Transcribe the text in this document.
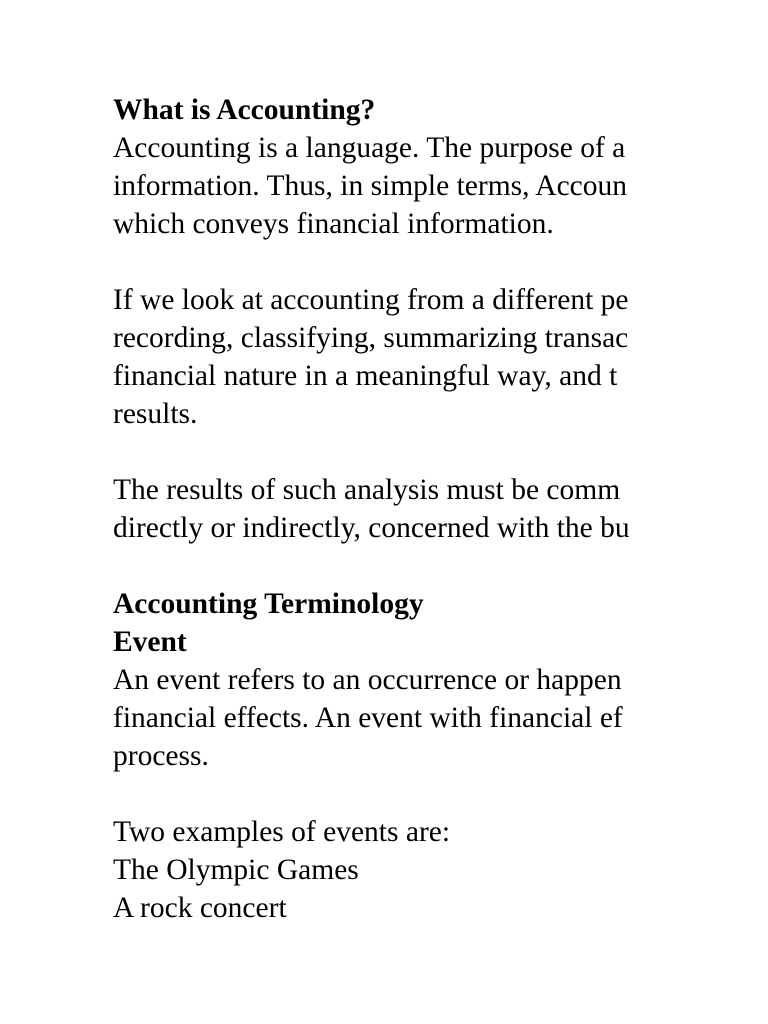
What is Accounting?
Accounting is a language. The purpose of a
information. Thus, in simple terms, Accoun
which conveys financial information.
If we look at accounting from a different pe
recording, classifying, summarizing transac
financial nature in a meaningful way, and t
results.
The results of such analysis must be comm
directly or indirectly, concerned with the bu
Accounting Terminology
Event
An event refers to an occurrence or happen
financial effects. An event with financial ef
process.
Two examples of events are:
The Olympic Games
A rock concert
